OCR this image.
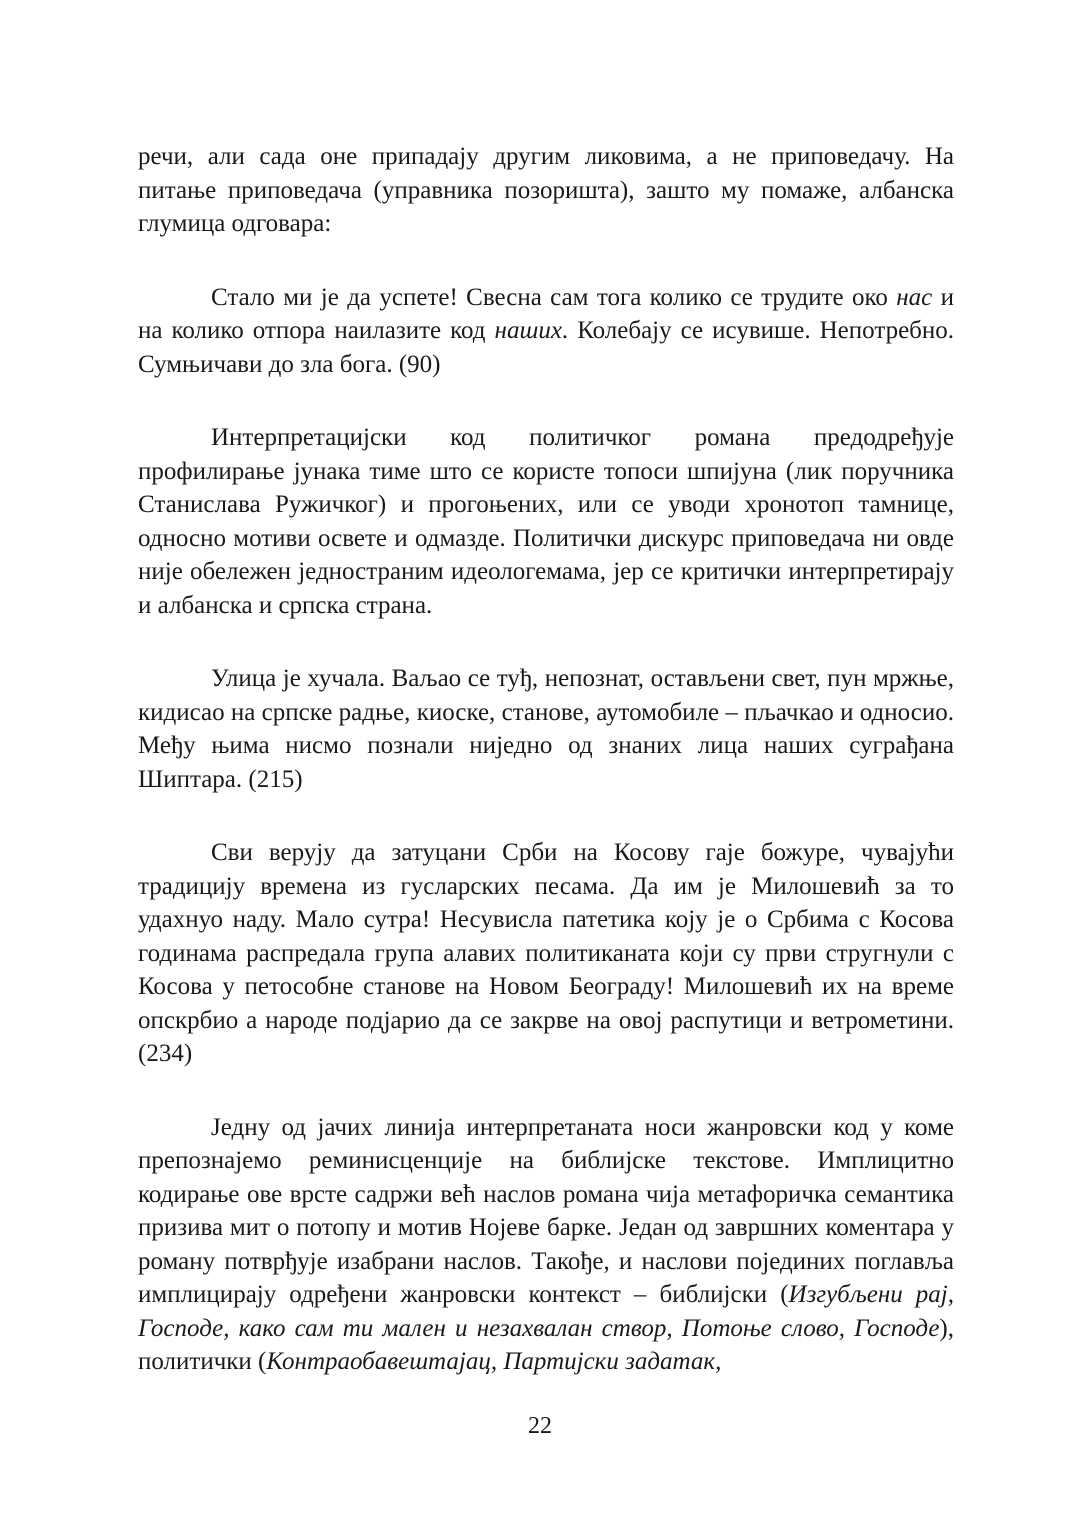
речи, али сада оне припадају другим ликовима, а не приповедачу. На питање приповедача (управника позоришта), зашто му помаже, албанска глумица одговара:

Стало ми је да успете! Свесна сам тога колико се трудите око нас и на колико отпора наилазите код наших. Колебају се исувише. Непотребно. Сумњичави до зла бога. (90)

Интерпретацијски код политичког романа предодређује профилирање јунака тиме што се користе топоси шпијуна (лик поручника Станислава Ружичког) и прогоњених, или се уводи хронотоп тамнице, односно мотиви освете и одмазде. Политички дискурс приповедача ни овде није обележен једностраним идеологемама, јер се критички интерпретирају и албанска и српска страна.

Улица је хучала. Ваљао се туђ, непознат, остављени свет, пун мржње, кидисао на српске радње, киоске, станове, аутомобиле – пљачкао и односио. Међу њима нисмо познали ниједно од знаних лица наших суграђана Шиптара. (215)

Сви верују да затуцани Срби на Косову гаје божуре, чувајући традицију времена из гусларских песама. Да им је Милошевић за то удахнуо наду. Мало сутра! Несувисла патетика коју је о Србима с Косова годинама распредала група алавих политиканата који су први стругнули с Косова у петособне станове на Новом Београду! Милошевић их на време опскрбио а народе подјарио да се закрве на овој распутици и ветрометини. (234)

Једну од јачих линија интерпретаната носи жанровски код у коме препознајемо реминисценције на библијске текстове. Имплицитно кодирање ове врсте садржи већ наслов романа чија метафоричка семантика призива мит о потопу и мотив Нојеве барке. Један од завршних коментара у роману потврђује изабрани наслов. Такође, и наслови појединих поглавља имплицирају одређени жанровски контекст – библијски (Изгубљени рај, Господе, како сам ти мален и незахвалан створ, Потоње слово, Господе), политички (Контраобавештајац, Партијски задатак,

22
